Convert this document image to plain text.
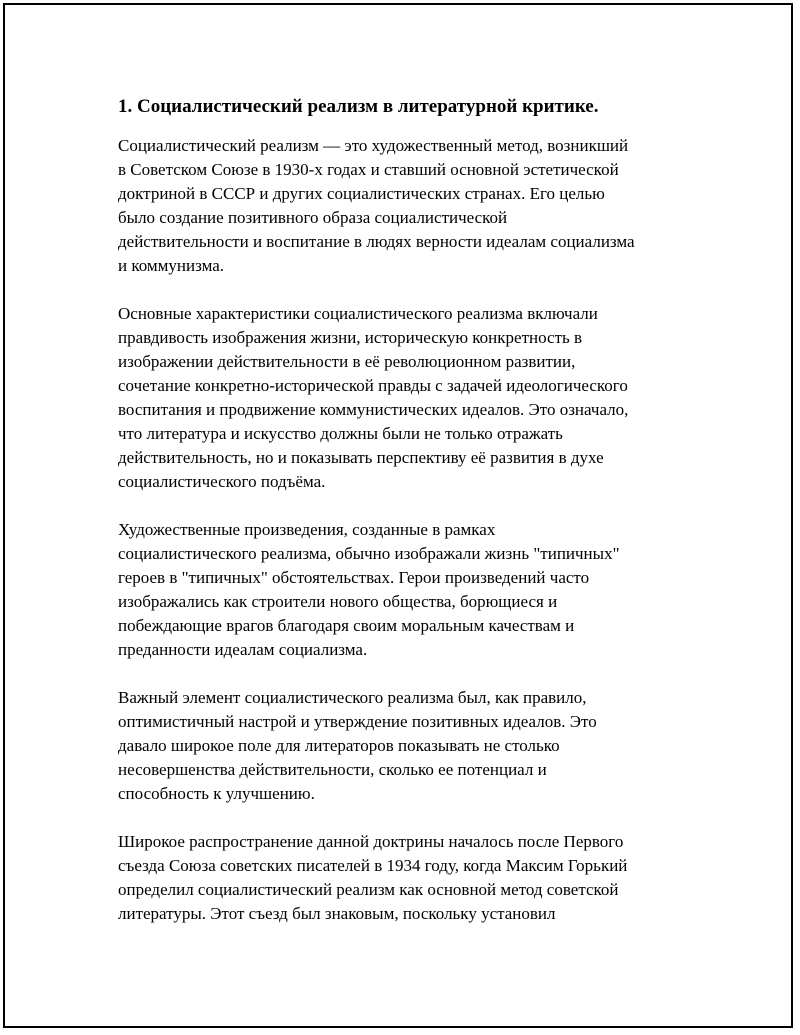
1. Социалистический реализм в литературной критике.
Социалистический реализм — это художественный метод, возникший
в Советском Союзе в 1930-х годах и ставший основной эстетической
доктриной в СССР и других социалистических странах. Его целью
было создание позитивного образа социалистической
действительности и воспитание в людях верности идеалам социализма
и коммунизма.
Основные характеристики социалистического реализма включали
правдивость изображения жизни, историческую конкретность в
изображении действительности в её революционном развитии,
сочетание конкретно-исторической правды с задачей идеологического
воспитания и продвижение коммунистических идеалов. Это означало,
что литература и искусство должны были не только отражать
действительность, но и показывать перспективу её развития в духе
социалистического подъёма.
Художественные произведения, созданные в рамках
социалистического реализма, обычно изображали жизнь "типичных"
героев в "типичных" обстоятельствах. Герои произведений часто
изображались как строители нового общества, борющиеся и
побеждающие врагов благодаря своим моральным качествам и
преданности идеалам социализма.
Важный элемент социалистического реализма был, как правило,
оптимистичный настрой и утверждение позитивных идеалов. Это
давало широкое поле для литераторов показывать не столько
несовершенства действительности, сколько ее потенциал и
способность к улучшению.
Широкое распространение данной доктрины началось после Первого
съезда Союза советских писателей в 1934 году, когда Максим Горький
определил социалистический реализм как основной метод советской
литературы. Этот съезд был знаковым, поскольку установил
